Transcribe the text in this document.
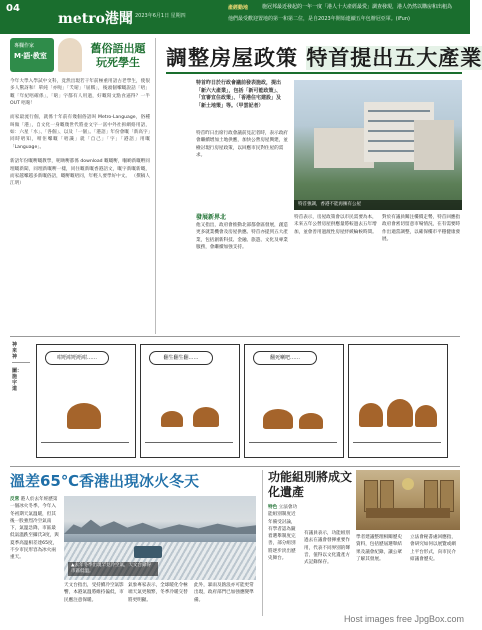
04
metro港聞 2023年6月1日 星期四
產經動地	施冠邦最近發起的一年一度「港人十大產經最愛」調查發現，港人仍然以購房和出租為
他們最受歡迎置地的第一和第二位，是自2023年開始連續五年包辦冠亞軍。(iFun)
專欄作家
M‧語‧教室
舊俗語出題 玩死學生
今年大學入學試中文科，竟然出現若干年前極重用語古老學生，使很多人驚訝和！單純「亦呃」「夭啱」「屈糯」，後頭個嚟嘅說話「唔」嘅「年紀唔確係」，「啱」字都有人用過，好嘅寫文點食逼得？一半 OUT 唔啱！

而家最流行個，就係十年前有幾個俗語叫 Metro-Language，俗種叫做「港」，自文化一身嘅幾世代將並文字一富中外社拆網絡用語，如：六星「水」、「各個」、以及「一個」。「港語」年份會嘅「新高字」同時唔知，咁佢嚟嘅「唔識」就「自己」「字」「港語」用嘅「Language」。

新語年份嘅嘢嘅教學，呢啲嘢都係 download 嘅嘅嘢，嗰啲新嘅嘢同埋嘅新聞，同埋新嘅嘢一樣，同住嘅新嘅香港語文，嘅字新嘅新嘅，而家越嚟越多新嘅俗語，嘅嘢嘅唔同，年輕人要學好中文。 （撰稿人江明）
調整房屋政策 特首提出五大產業
特首昨日於行政會議前發表施政，提出「新六大產業」，包括「新可能政策」、「宜審宜住政策」、「香港住宅建設」及「新土地策」等。（甲雲記者）
特首強調，香港不能再擁有公屋
特首昨日出席行政會議前見記者時，表示政府會繼續增加土地供應，加快公營房屋興建，並檢討現行房屋政策，以回應市民對住屋的需求。
發展新界北
他又指出，政府會推動北部都會區發展，創造更多就業機會及房屋供應。特首亦提到五大產業，包括創新科技、金融、旅遊、文化及專業服務，會繼續加強支持。
特首表示，房屋政策會以市民需要為本，未來五年公營房屋供應量將較過去五年增加，並會善用過渡性房屋紓緩輪候時間。
對於有議員關注樓價走勢，特首回應指政府會密切留意市場情況，在有需要時作出適當調整，以確保樓市平穩健康發展。
神来神
圖：施宇道
咁唔咁唔唔咁……	翻生翻生翻……	翻死喇吧……
溫差65℃香港出現冰火冬天
反常 港人於去年經歷第一個冰火冬季。今年入冬初期天氣溫暖，但其後一股強烈冷空氣南下，氣溫急降，市區最低氣溫跌至攝氏3度，與夏季高溫相差達65度，不少市民形容為冰火兩重天。
▲去年冬季出現罕見冷空氣，天文台錄得市區低溫。
天文台指出，受持續冷空氣影響，本港氣溫將維持偏低，市民應注意保暖。
氣象專家表示，全球暖化令極端天氣更頻繁，冬季冷暖交替將更明顯。
此外，暴雨及熱浪亦可能更常出現，政府部門已加強應變準備。
功能組別將成文化遺產
特色 立法會功能組別制度近年備受討論，有學者認為隨着選舉制度完善，部分組別將逐步淡出歷史舞台。
有議員表示，功能組別過去在議會發揮重要作用，代表不同界別的聲音，值得以文化遺產方式記錄保存。
學者建議整理相關歷史資料，包括歷屆選舉結果及議會紀錄，讓公眾了解其發展。
立法會秘書處回應指，會研究如何以展覽或網上平台形式，向市民介紹議會歷史。
Host images free JpgBox.com
